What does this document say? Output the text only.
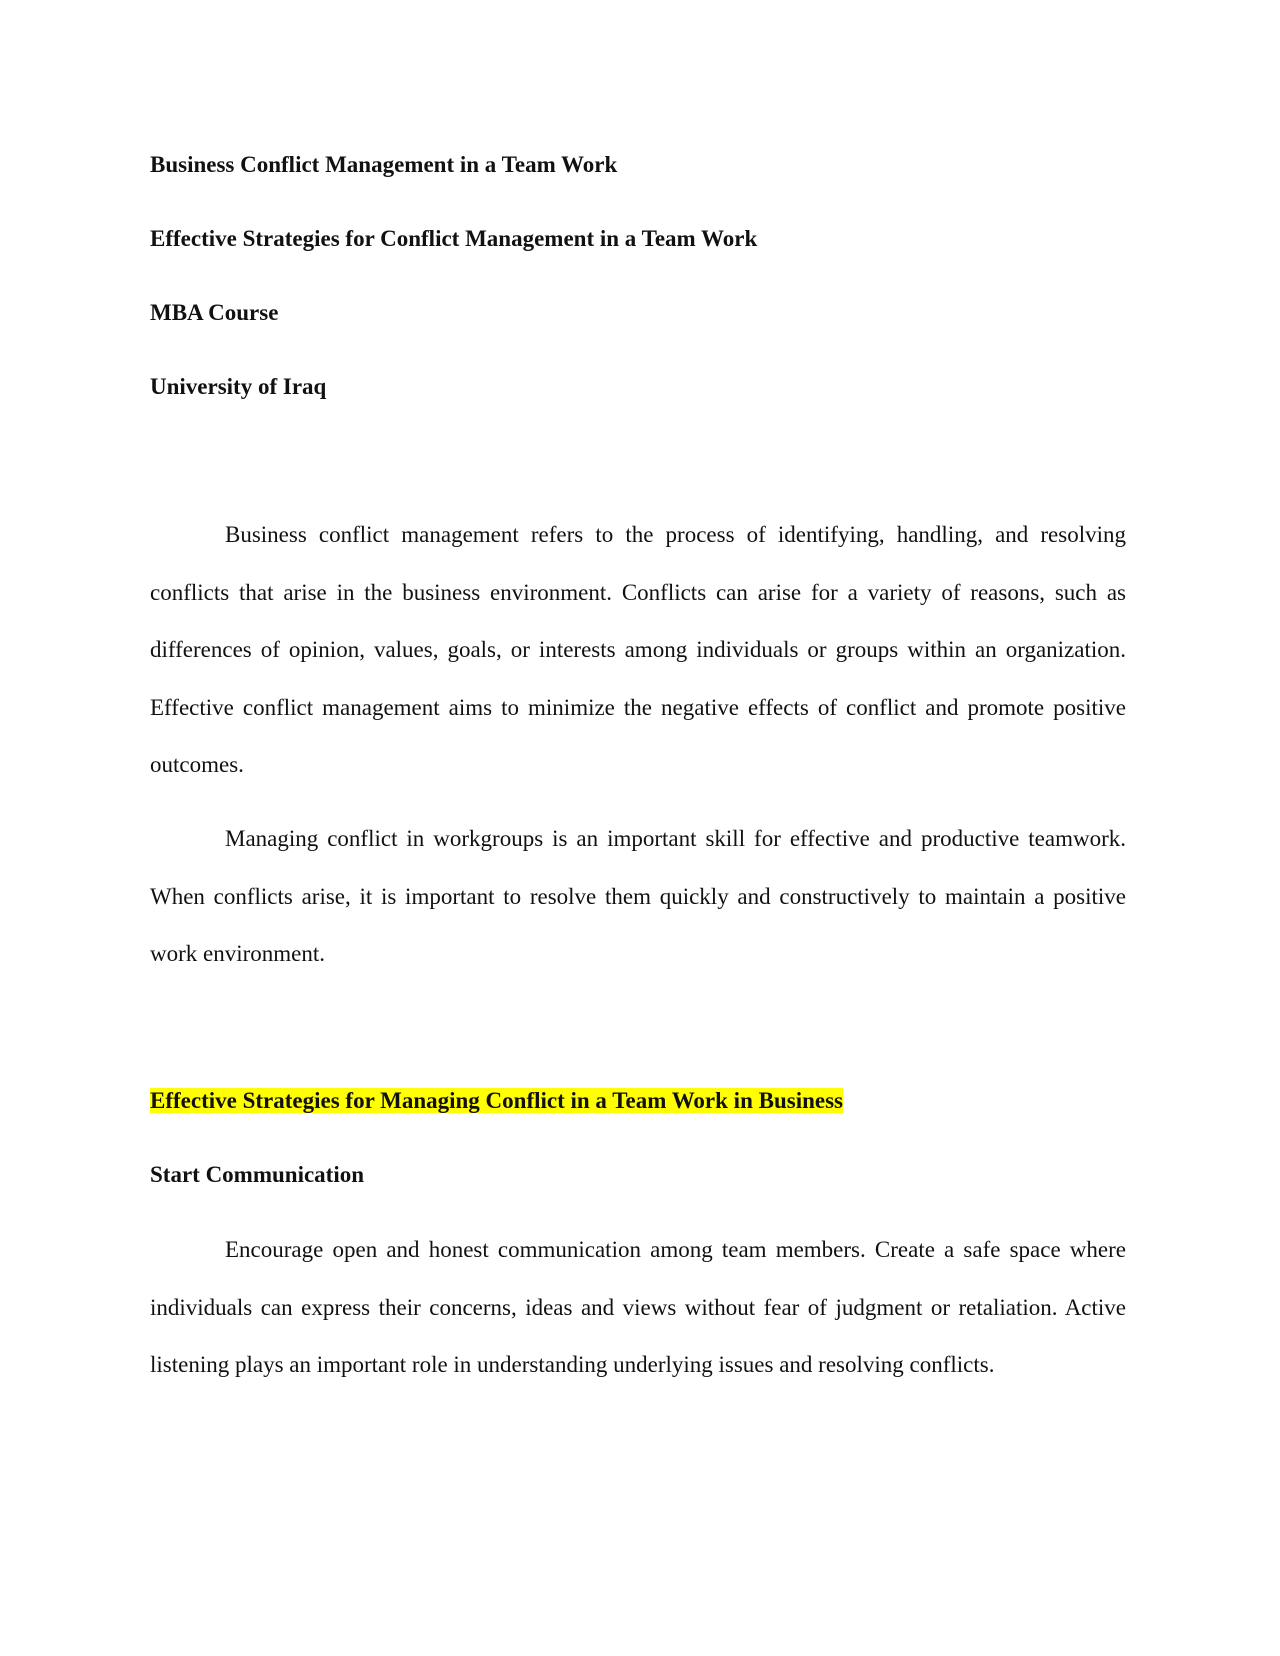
Business Conflict Management in a Team Work
Effective Strategies for Conflict Management in a Team Work
MBA Course
University of Iraq
Business conflict management refers to the process of identifying, handling, and resolving conflicts that arise in the business environment. Conflicts can arise for a variety of reasons, such as differences of opinion, values, goals, or interests among individuals or groups within an organization. Effective conflict management aims to minimize the negative effects of conflict and promote positive outcomes.
Managing conflict in workgroups is an important skill for effective and productive teamwork. When conflicts arise, it is important to resolve them quickly and constructively to maintain a positive work environment.
Effective Strategies for Managing Conflict in a Team Work in Business
Start Communication
Encourage open and honest communication among team members. Create a safe space where individuals can express their concerns, ideas and views without fear of judgment or retaliation. Active listening plays an important role in understanding underlying issues and resolving conflicts.
